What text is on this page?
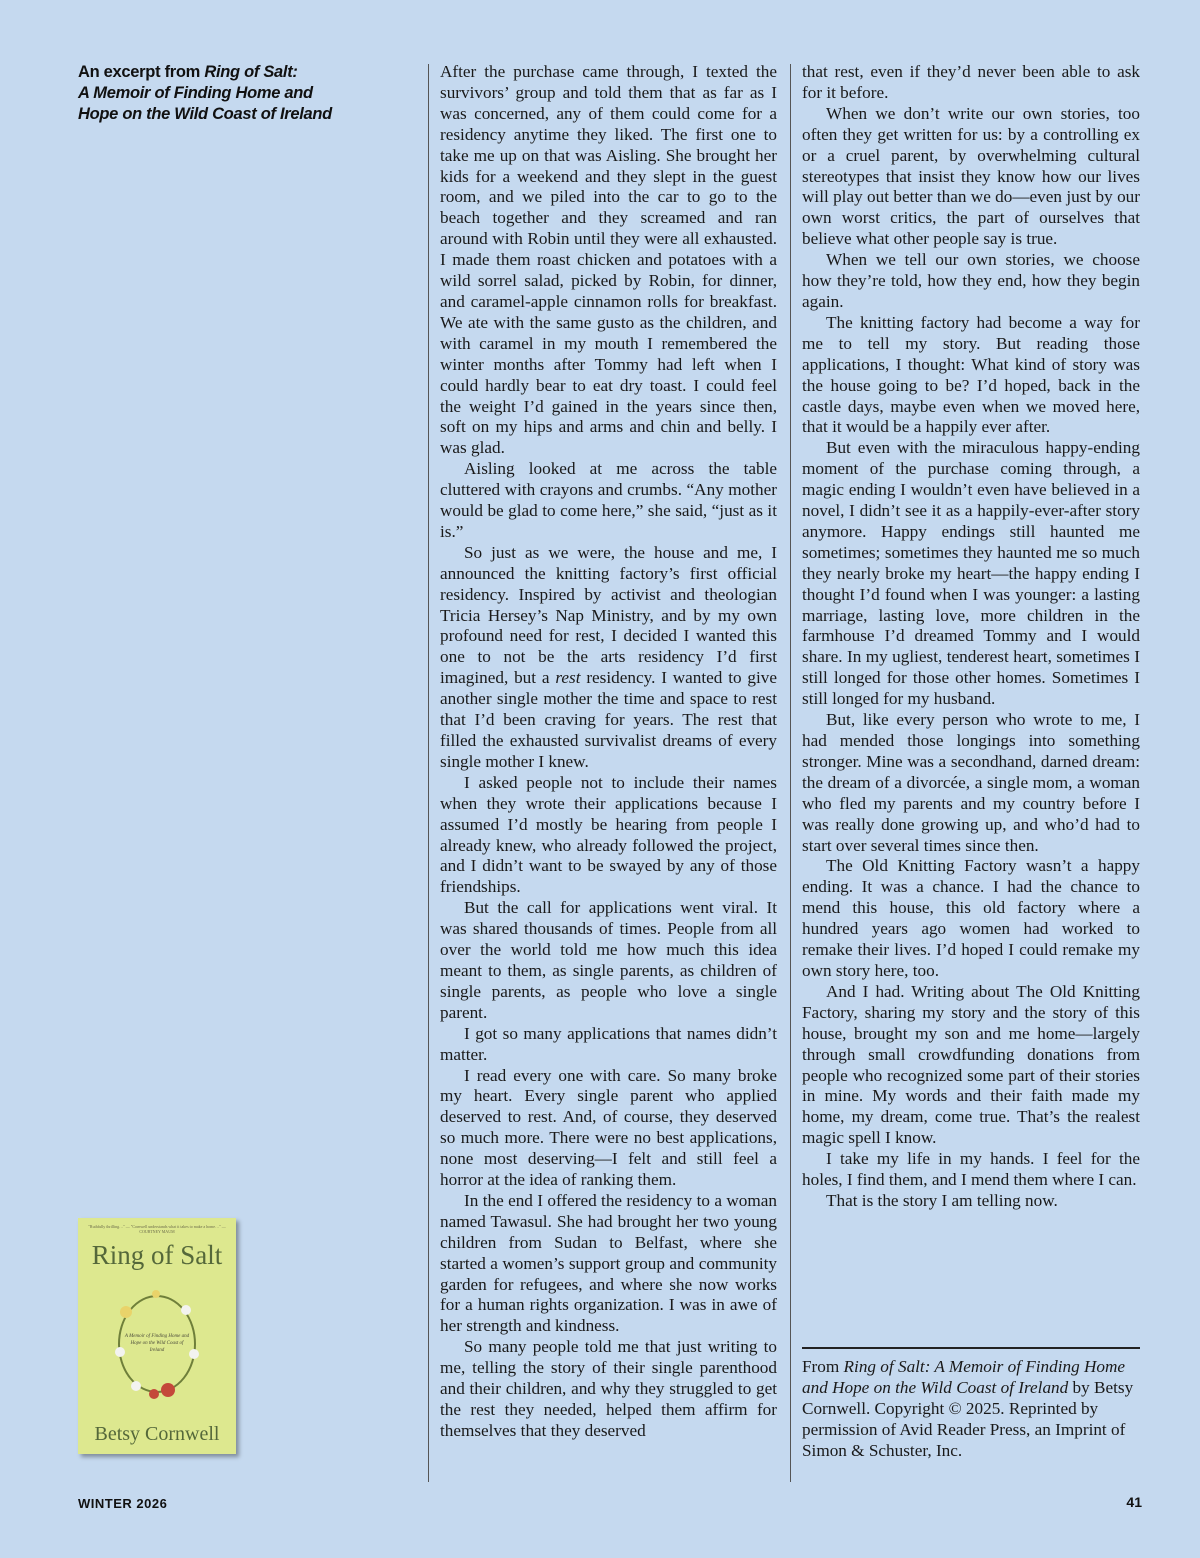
An excerpt from Ring of Salt:
A Memoir of Finding Home and
Hope on the Wild Coast of Ireland
"Ruthfully thrilling…" — "Cornwell understands what it takes to make a home…" — COURTNEY MAUM
Ring of Salt
A Memoir of Finding Home and Hope on the Wild Coast of Ireland
Betsy Cornwell

After the purchase came through, I texted the survivors’ group and told them that as far as I was concerned, any of them could come for a residency anytime they liked. The first one to take me up on that was Aisling. She brought her kids for a weekend and they slept in the guest room, and we piled into the car to go to the beach together and they screamed and ran around with Robin until they were all exhausted. I made them roast chicken and potatoes with a wild sorrel salad, picked by Robin, for dinner, and caramel-apple cinnamon rolls for breakfast. We ate with the same gusto as the children, and with caramel in my mouth I remembered the winter months after Tommy had left when I could hardly bear to eat dry toast. I could feel the weight I’d gained in the years since then, soft on my hips and arms and chin and belly. I was glad.

Aisling looked at me across the table cluttered with crayons and crumbs. “Any mother would be glad to come here,” she said, “just as it is.”

So just as we were, the house and me, I announced the knitting factory’s first official residency. Inspired by activist and theologian Tricia Hersey’s Nap Ministry, and by my own profound need for rest, I decided I wanted this one to not be the arts residency I’d first imagined, but a rest residency. I wanted to give another single mother the time and space to rest that I’d been craving for years. The rest that filled the exhausted survivalist dreams of every single mother I knew.

I asked people not to include their names when they wrote their applications because I assumed I’d mostly be hearing from people I already knew, who already followed the project, and I didn’t want to be swayed by any of those friendships.

But the call for applications went viral. It was shared thousands of times. People from all over the world told me how much this idea meant to them, as single parents, as children of single parents, as people who love a single parent.

I got so many applications that names didn’t matter.

I read every one with care. So many broke my heart. Every single parent who applied deserved to rest. And, of course, they deserved so much more. There were no best applications, none most deserving—I felt and still feel a horror at the idea of ranking them.

In the end I offered the residency to a woman named Tawasul. She had brought her two young children from Sudan to Belfast, where she started a women’s support group and community garden for refugees, and where she now works for a human rights organization. I was in awe of her strength and kindness.

So many people told me that just writing to me, telling the story of their single parenthood and their children, and why they struggled to get the rest they needed, helped them affirm for themselves that they deserved

that rest, even if they’d never been able to ask for it before.

When we don’t write our own stories, too often they get written for us: by a controlling ex or a cruel parent, by overwhelming cultural stereotypes that insist they know how our lives will play out better than we do—even just by our own worst critics, the part of ourselves that believe what other people say is true.

When we tell our own stories, we choose how they’re told, how they end, how they begin again.

The knitting factory had become a way for me to tell my story. But reading those applications, I thought: What kind of story was the house going to be? I’d hoped, back in the castle days, maybe even when we moved here, that it would be a happily ever after.

But even with the miraculous happy-ending moment of the purchase coming through, a magic ending I wouldn’t even have believed in a novel, I didn’t see it as a happily-ever-after story anymore. Happy endings still haunted me sometimes; sometimes they haunted me so much they nearly broke my heart—the happy ending I thought I’d found when I was younger: a lasting marriage, lasting love, more children in the farmhouse I’d dreamed Tommy and I would share. In my ugliest, tenderest heart, sometimes I still longed for those other homes. Sometimes I still longed for my husband.

But, like every person who wrote to me, I had mended those longings into something stronger. Mine was a secondhand, darned dream: the dream of a divorcée, a single mom, a woman who fled my parents and my country before I was really done growing up, and who’d had to start over several times since then.

The Old Knitting Factory wasn’t a happy ending. It was a chance. I had the chance to mend this house, this old factory where a hundred years ago women had worked to remake their lives. I’d hoped I could remake my own story here, too.

And I had. Writing about The Old Knitting Factory, sharing my story and the story of this house, brought my son and me home—largely through small crowdfunding donations from people who recognized some part of their stories in mine. My words and their faith made my home, my dream, come true. That’s the realest magic spell I know.

I take my life in my hands. I feel for the holes, I find them, and I mend them where I can.

That is the story I am telling now.

From Ring of Salt: A Memoir of Finding Home and Hope on the Wild Coast of Ireland by Betsy Cornwell. Copyright © 2025. Reprinted by permission of Avid Reader Press, an Imprint of Simon & Schuster, Inc.
WINTER 2026	41
